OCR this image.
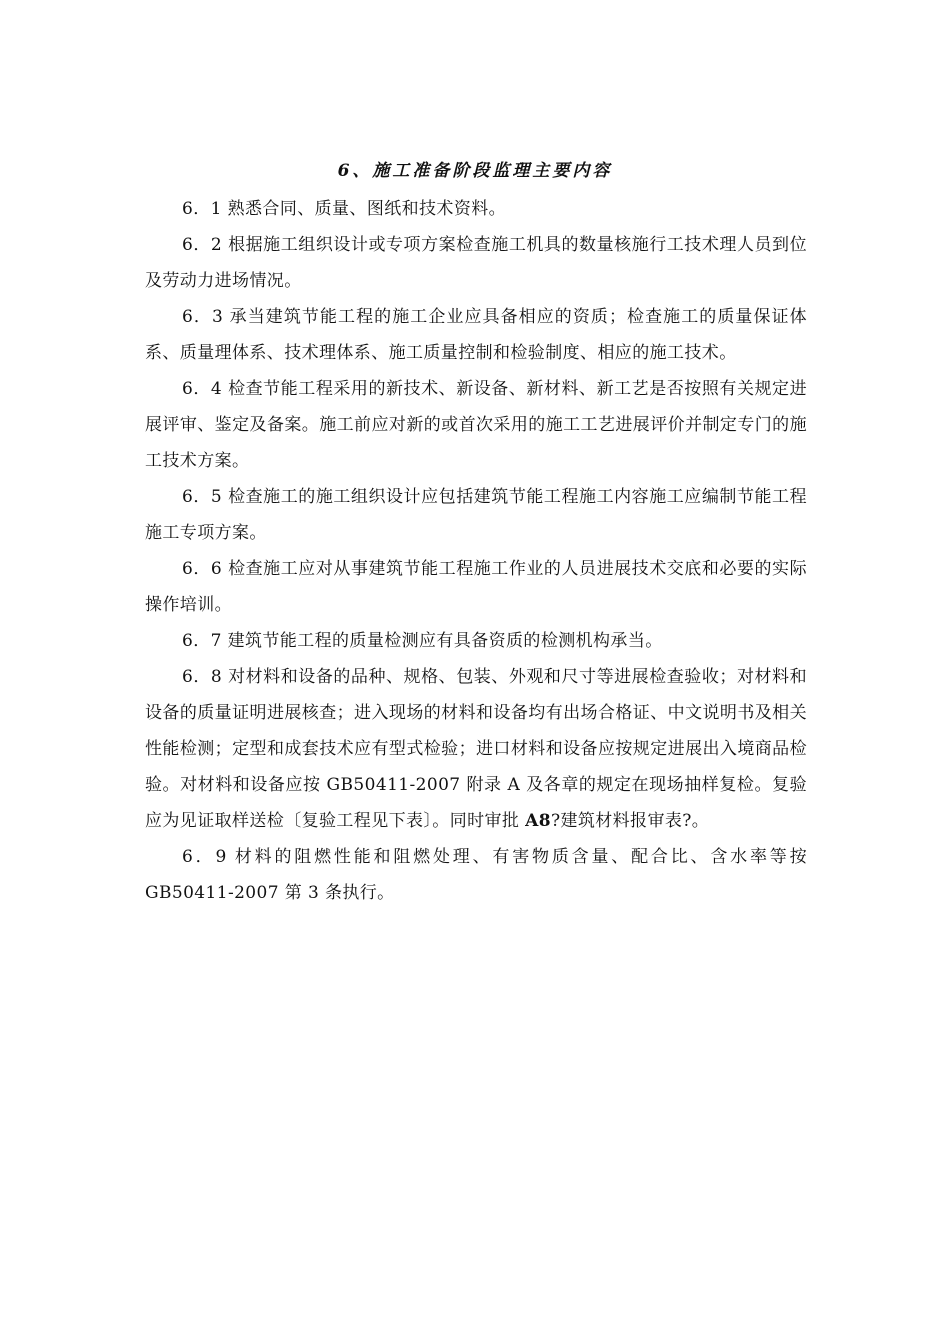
6、施工准备阶段监理主要内容

6．1 熟悉合同、质量、图纸和技术资料。

6．2 根据施工组织设计或专项方案检查施工机具的数量核施行工技术理人员到位及劳动力进场情况。

6．3 承当建筑节能工程的施工企业应具备相应的资质；检查施工的质量保证体系、质量理体系、技术理体系、施工质量控制和检验制度、相应的施工技术。

6．4 检查节能工程采用的新技术、新设备、新材料、新工艺是否按照有关规定进展评审、鉴定及备案。施工前应对新的或首次采用的施工工艺进展评价并制定专门的施工技术方案。

6．5 检查施工的施工组织设计应包括建筑节能工程施工内容施工应编制节能工程施工专项方案。

6．6 检查施工应对从事建筑节能工程施工作业的人员进展技术交底和必要的实际操作培训。

6．7 建筑节能工程的质量检测应有具备资质的检测机构承当。

6．8 对材料和设备的品种、规格、包装、外观和尺寸等进展检查验收；对材料和设备的质量证明进展核查；进入现场的材料和设备均有出场合格证、中文说明书及相关性能检测；定型和成套技术应有型式检验；进口材料和设备应按规定进展出入境商品检验。对材料和设备应按 GB50411-2007 附录 A 及各章的规定在现场抽样复检。复验应为见证取样送检〔复验工程见下表〕。同时审批 A8?建筑材料报审表?。

6．9 材料的阻燃性能和阻燃处理、有害物质含量、配合比、含水率等按 GB50411-2007 第 3 条执行。
